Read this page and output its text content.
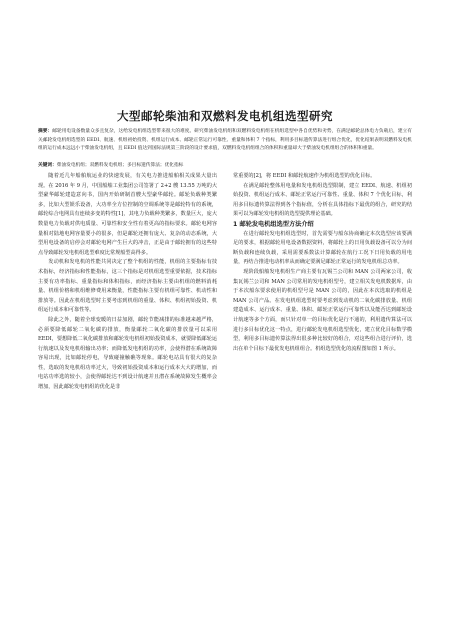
大型邮轮柴油和双燃料发电机组选型研究
摘要：邮轮用电设备数量众多且复杂，这给发电机组选型带来很大的难度。研究柴油发电机组和双燃料发电机组在机组选型中各自优势和劣势，在满足邮轮总体电力负载后，建立有关邮轮发电机组选型的 EEDI、航速、机组初始投资、机组运行成本、邮轮正常运行可靠性、重量和体积 7 个指标，利用多目标遗传算法进行组合优化，优化结果表明双燃料发电机组的运行成本远远小于柴油发电机组，且 EEDI 值达到国际法规第三阶段的设计要求值，双燃料发电机组组合的体积和重量却大于柴油发电机组组合的体积和重量。
关键词：柴油发电机组；双燃料发电机组；多目标遗传算法；优化指标

随着近几年船舶航运业的快速发展，有关电力推进船舶相关成果大量出现。在 2016 年 9 月，中国船舶工业集团公司签署了 2+2 艘 13.55 万吨的大型豪华邮轮建造意向书，国内开始研制首艘大型豪华邮轮。邮轮负载种类繁多，比如大型娱乐设备，大功率全方位控制的空调系统等是邮轮特有的系统，邮轮综合电网具有连续多变的特性[1]，其电力负载种类繁多，数量巨大，庞大数量电力负载对供电质量、可靠性和安全性有着更高的指标要求。邮轮电网容量相对陆地电网容量要小的很多，但是邮轮还拥有庞大、复杂的动态系统，大型用电设备的启停会对邮轮电网产生巨大的冲击，正是由于邮轮拥有的这些特点导致邮轮发电机组选型难度比常规船型高得多。

发动机和发电机的性能共同决定了整个机组的性能，机组的主要指标有技术指标，经济指标和性能指标，这三个指标是对机组选型重要依据，技术指标主要有功率指标、重量指标和体积指标，而经济指标主要由机组的燃料消耗量、机组价格和机组维修费用来衡量，性能指标主要有机组可靠性、机动性和排放等。因此在机组选型时主要考虑到机组的重量、体积、机组初始投资、机组运行成本和可靠性等。

除此之外，随着全球变暖的日益加剧，邮轮节能减排的标准越来越严格，必须要降低邮轮二氧化碳的排放，衡量邮轮二氧化碳的排放量可以采用 EEDI，要想降低二氧化碳排放和邮轮发电机组初始投资成本，就要降低邮轮运行航速以及发电机组输出功率；而降低发电机组的功率，会使得潜在系统故障容易出现，比如邮轮停电，导致碰撞触礁等现象。邮轮电站具有很大的复杂性，选取的发电机组功率过大，导致初始投资成本和运行成本大大的增加，而电站功率选的较小，会使得邮轮达不到设计航速并且潜在系统故障发生概率会增加，因此邮轮发电机组的优化是非

常重要的[2]，将 EEDI 和邮轮航速作为机组选型的优化目标。

在满足邮轮整体用电量和发电机组选型限制，建立 EEDI、航速、机组初始投资、机组运行成本、邮轮正常运行可靠性、重量、体积 7 个优化目标，利用多目标遗传算法得到各个指标值，分析在具体指标下最优的组合，研究的结果可以为邮轮发电机组的选型提供理论基础。

1 邮轮发电机组选型方法介绍

在进行邮轮发电机组选型时，首先需要与船东协商确定本次选型应该要满足的要求，根据邮轮用电设备数据资料，将邮轮上的日用负载设备可以分为间断负载和连续负载，采用需要系数法计算邮轮在航行工况下日用负载的用电量，再结合推进电动机率从而确定要满足邮轮正常运行的发电机组总功率。

现阶段船舶发电机组生产商主要有瓦锡兰公司和 MAN 公司两家公司，收集瓦锡兰公司和 MAN 公司常用的发电机组型号，建立相关发电机数据库，由于本次船东要求使用的机组型号是 MAN 公司的，因此在本次选取的机组是 MAN 公司产品。在发电机组选型时要考虑到发动机的二氧化碳排放量、机组建造成本、运行成本、重量、体积、邮轮正常运行可靠性以及能否达到邮轮设计航速等多个方面，而只针对单一的目标优化是行不通的，利用遗传算法可以进行多目标优化这一特点，进行邮轮发电机组选型优化，建立优化目标数学模型，利用多目标遗传算法得出很多种比较好的组合，对这些组合进行评价，选出在单个目标下最优发电机组组合。机组选型优化的流程图如图 1 所示。
